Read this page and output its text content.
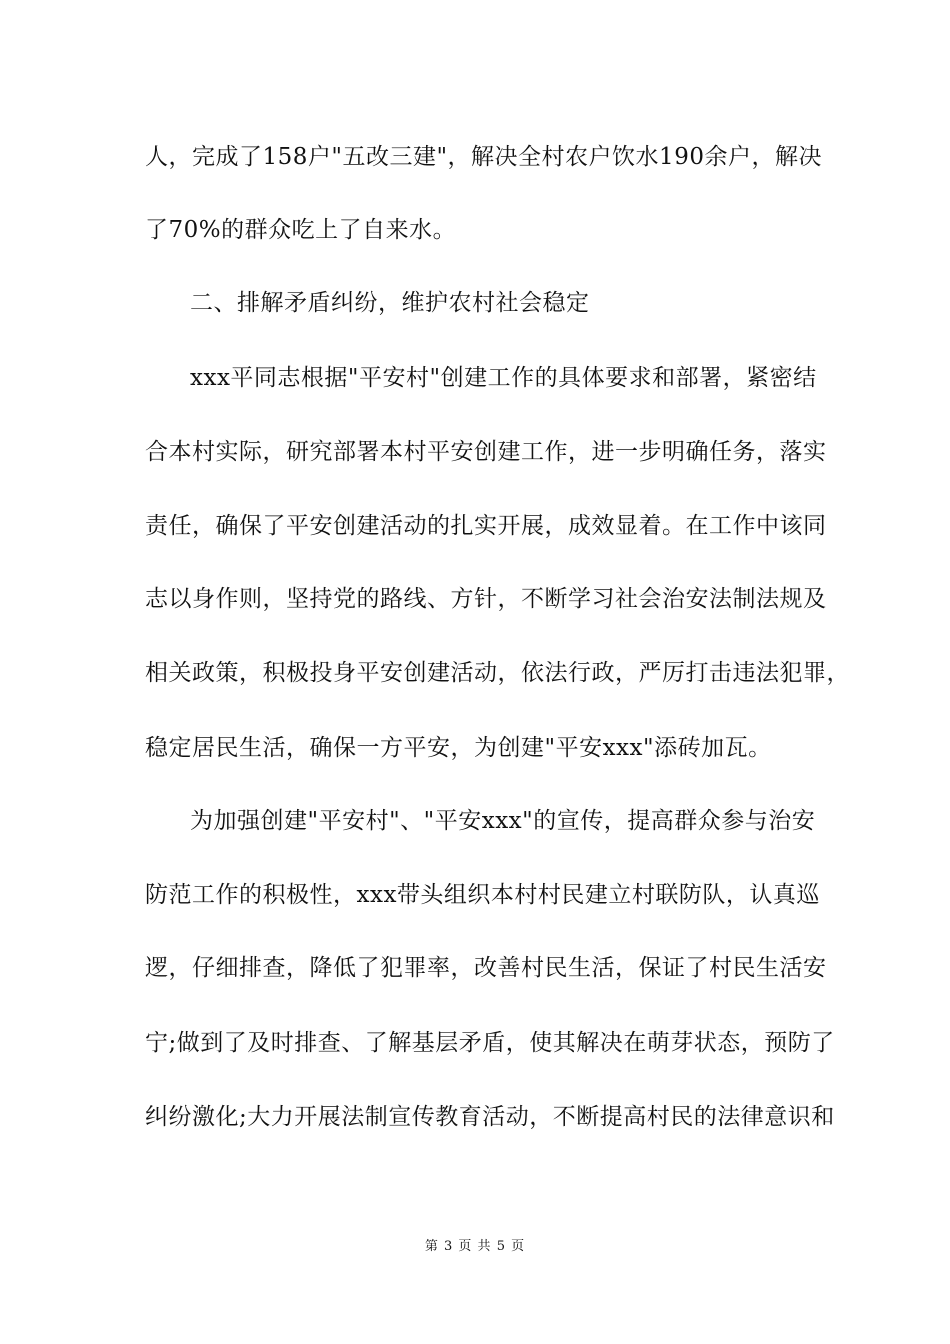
人，完成了158户"五改三建"，解决全村农户饮水190余户，解决
了70%的群众吃上了自来水。
二、排解矛盾纠纷，维护农村社会稳定
xxx平同志根据"平安村"创建工作的具体要求和部署，紧密结
合本村实际，研究部署本村平安创建工作，进一步明确任务，落实
责任，确保了平安创建活动的扎实开展，成效显着。在工作中该同
志以身作则，坚持党的路线、方针，不断学习社会治安法制法规及
相关政策，积极投身平安创建活动，依法行政，严厉打击违法犯罪，
稳定居民生活，确保一方平安，为创建"平安xxx"添砖加瓦。
为加强创建"平安村"、"平安xxx"的宣传，提高群众参与治安
防范工作的积极性，xxx带头组织本村村民建立村联防队，认真巡
逻，仔细排查，降低了犯罪率，改善村民生活，保证了村民生活安
宁;做到了及时排查、了解基层矛盾，使其解决在萌芽状态，预防了
纠纷激化;大力开展法制宣传教育活动，不断提高村民的法律意识和
第 3 页 共 5 页
